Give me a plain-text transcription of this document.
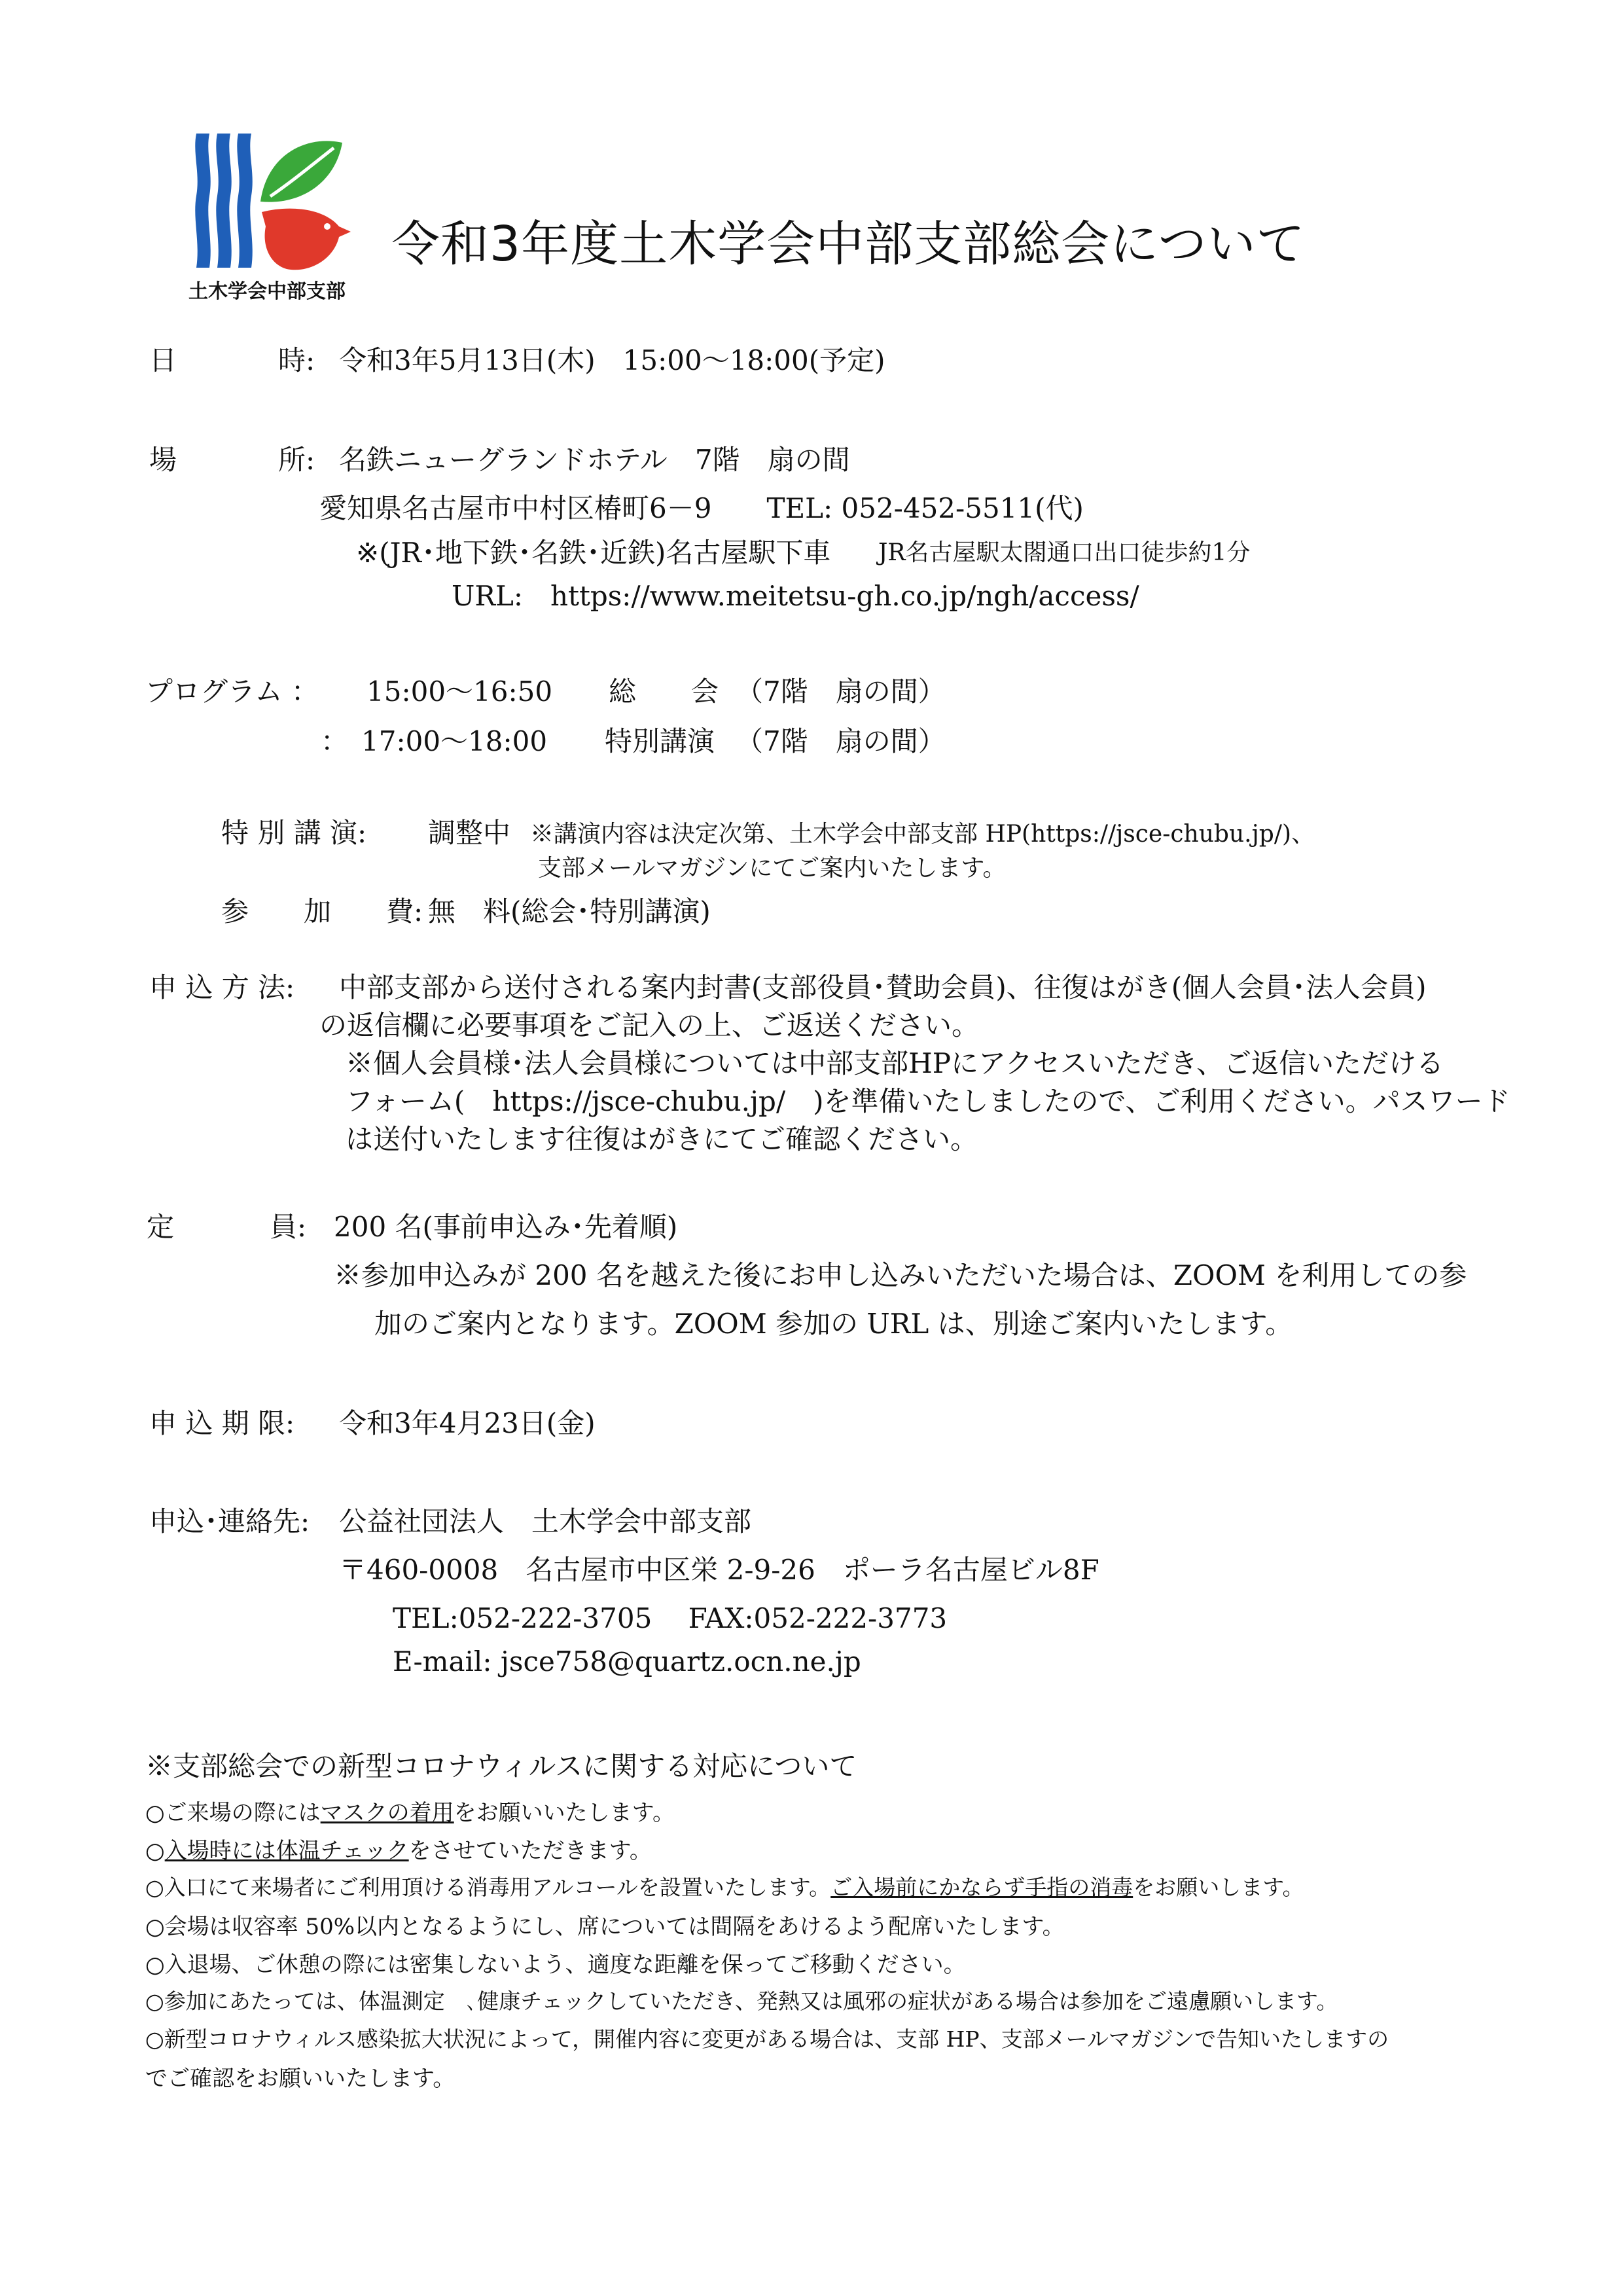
土木学会中部支部
令和3年度土木学会中部支部総会について
日	時: 令和3年5月13日(木)　15:00〜18:00(予定)
場	所: 名鉄ニューグランドホテル　7階　扇の間
愛知県名古屋市中村区椿町6－9　　TEL: 052-452-5511(代)
※(JR･地下鉄･名鉄･近鉄)名古屋駅下車 JR名古屋駅太閤通口出口徒歩約1分
URL:　https://www.meitetsu-gh.co.jp/ngh/access/
プログラム ： 15:00〜16:50 総　　会 （7階　扇の間）
： 17:00〜18:00 特別講演 （7階　扇の間）
特 別 講 演: 調整中 ※講演内容は決定次第、土木学会中部支部 HP(https://jsce-chubu.jp/)、
支部メールマガジンにてご案内いたします。
参　　加　　費: 無　料(総会･特別講演)
申 込 方 法: 中部支部から送付される案内封書(支部役員･賛助会員)、往復はがき(個人会員･法人会員)
の返信欄に必要事項をご記入の上、ご返送ください。
※個人会員様･法人会員様については中部支部HPにアクセスいただき、ご返信いただける
フォーム(　https://jsce-chubu.jp/　)を準備いたしましたので、ご利用ください。パスワード
は送付いたします往復はがきにてご確認ください。
定	員: 200 名(事前申込み･先着順)
※参加申込みが 200 名を越えた後にお申し込みいただいた場合は、ZOOM を利用しての参
加のご案内となります。ZOOM 参加の URL は、別途ご案内いたします。
申 込 期 限: 令和3年4月23日(金)
申込･連絡先: 公益社団法人　土木学会中部支部
〒460-0008　名古屋市中区栄 2-9-26　ポーラ名古屋ビル8F
TEL:052-222-3705　 FAX:052-222-3773
E-mail: jsce758@quartz.ocn.ne.jp
※支部総会での新型コロナウィルスに関する対応について
○ご来場の際にはマスクの着用をお願いいたします。
○入場時には体温チェックをさせていただきます。
○入口にて来場者にご利用頂ける消毒用アルコールを設置いたします。ご入場前にかならず手指の消毒をお願いします。
○会場は収容率 50%以内となるようにし、席については間隔をあけるよう配席いたします。
○入退場、ご休憩の際には密集しないよう、適度な距離を保ってご移動ください。
○参加にあたっては、体温測定　､健康チェックしていただき、発熱又は風邪の症状がある場合は参加をご遠慮願いします。
○新型コロナウィルス感染拡大状況によって，開催内容に変更がある場合は、支部 HP、支部メールマガジンで告知いたしますの
でご確認をお願いいたします。
